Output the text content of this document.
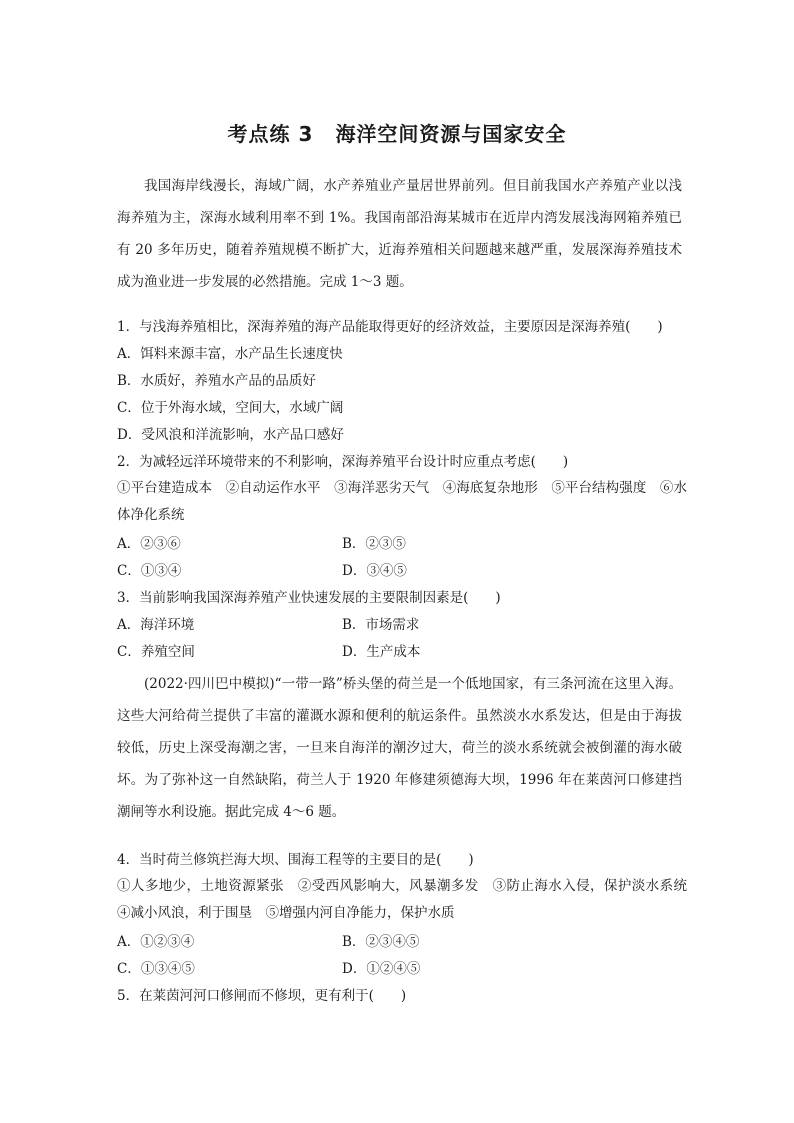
考点练 3 海洋空间资源与国家安全
我国海岸线漫长，海域广阔，水产养殖业产量居世界前列。但目前我国水产养殖产业以浅海养殖为主，深海水域利用率不到 1%。我国南部沿海某城市在近岸内湾发展浅海网箱养殖已有 20 多年历史，随着养殖规模不断扩大，近海养殖相关问题越来越严重，发展深海养殖技术成为渔业进一步发展的必然措施。完成 1～3 题。
1．与浅海养殖相比，深海养殖的海产品能取得更好的经济效益，主要原因是深海养殖(　　)
A．饵料来源丰富，水产品生长速度快
B．水质好，养殖水产品的品质好
C．位于外海水域，空间大，水域广阔
D．受风浪和洋流影响，水产品口感好
2．为减轻远洋环境带来的不利影响，深海养殖平台设计时应重点考虑(　　)
①平台建造成本　②自动运作水平　③海洋恶劣天气　④海底复杂地形　⑤平台结构强度　⑥水体净化系统
A．②③⑥	B．②③⑤
C．①③④	D．③④⑤
3．当前影响我国深海养殖产业快速发展的主要限制因素是(　　)
A．海洋环境	B．市场需求
C．养殖空间	D．生产成本
(2022·四川巴中模拟)“一带一路”桥头堡的荷兰是一个低地国家，有三条河流在这里入海。这些大河给荷兰提供了丰富的灌溉水源和便利的航运条件。虽然淡水水系发达，但是由于海拔较低，历史上深受海潮之害，一旦来自海洋的潮汐过大，荷兰的淡水系统就会被倒灌的海水破坏。为了弥补这一自然缺陷，荷兰人于 1920 年修建须德海大坝，1996 年在莱茵河口修建挡潮闸等水利设施。据此完成 4～6 题。
4．当时荷兰修筑拦海大坝、围海工程等的主要目的是(　　)
①人多地少，土地资源紧张　②受西风影响大，风暴潮多发　③防止海水入侵，保护淡水系统　④减小风浪，利于围垦　⑤增强内河自净能力，保护水质
A．①②③④	B．②③④⑤
C．①③④⑤	D．①②④⑤
5．在莱茵河河口修闸而不修坝，更有利于(　　)
